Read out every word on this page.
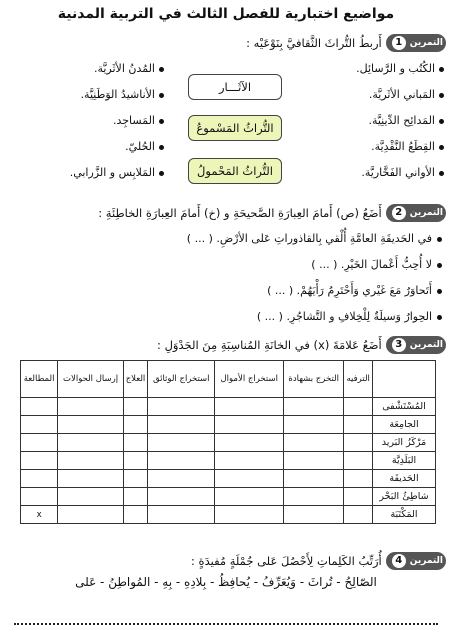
مواضيع اختبارية للفصل الثالث في التربية المدنية
التمرين
1
أَربطُ التُّراثَ الثَّقافيَّ بِنَوْعَيْه :
الكُتُب و الرَّسائِل.
المَباني الأثَريَّة.
المَدائِح الدِّينِيَّة.
القِطَعُ النَّقْدِيَّة.
الأواني الفَخَّاريَّة.
الآثَـــار
التُّراثُ المَسْموعُ
التُّراثُ المَحْمولُ
المُدنُ الأثَريَّة.
الأناشيدُ الوَطَنِيَّة.
المَساجِد.
الحُليّ.
المَلابِس و الزَّرابي.
التمرين
2
أَضَعُ (ص) أَمامَ العِبارَةِ الصَّحيحَةِ و (خ) أَمامَ العِبارَةِ الخاطِئَةِ :
في الحَديقَةِ العامَّةِ أُلْقي بِالقاذوراتِ عَلى الأرْضِ. ( ... )
لا أُحِبُّ أَعْمالَ الخَيْرِ. ( ... )
أَتَحاوَرُ مَعَ غَيْري وَأَحْتَرِمُ رَأْيَهُمْ. ( ... )
الحِوارُ وَسيلَةٌ لِلْخِلافِ و التَّشاجُرِ. ( ... )
التمرين
3
أَضَعُ عَلامَةَ (x) في الخانَةِ المُناسِبَةِ مِنَ الجَدْوَلِ :
	الترفيه	التخرج بشهادة	استخراج الأموال	استخراج الوثائق	العلاج	إرسال الحوالات	المطالعة
المُسْتَشْفى							
الجامِعَة							
مَرْكَزُ البَريد							
البَلَدِيَّة							
الحَديقَة							
شاطِئُ البَحْر							
المَكْتَبَة							x
التمرين
4
أُرَتِّبُ الكَلِماتِ لِأَحْصُلَ عَلى جُمْلَةٍ مُفيدَةٍ :
الصّالِحُ - تُراثَ - وَيُعَرِّفُ - يُحافِظُ - بِلادِهِ - بِهِ - المُواطِنُ - عَلى
